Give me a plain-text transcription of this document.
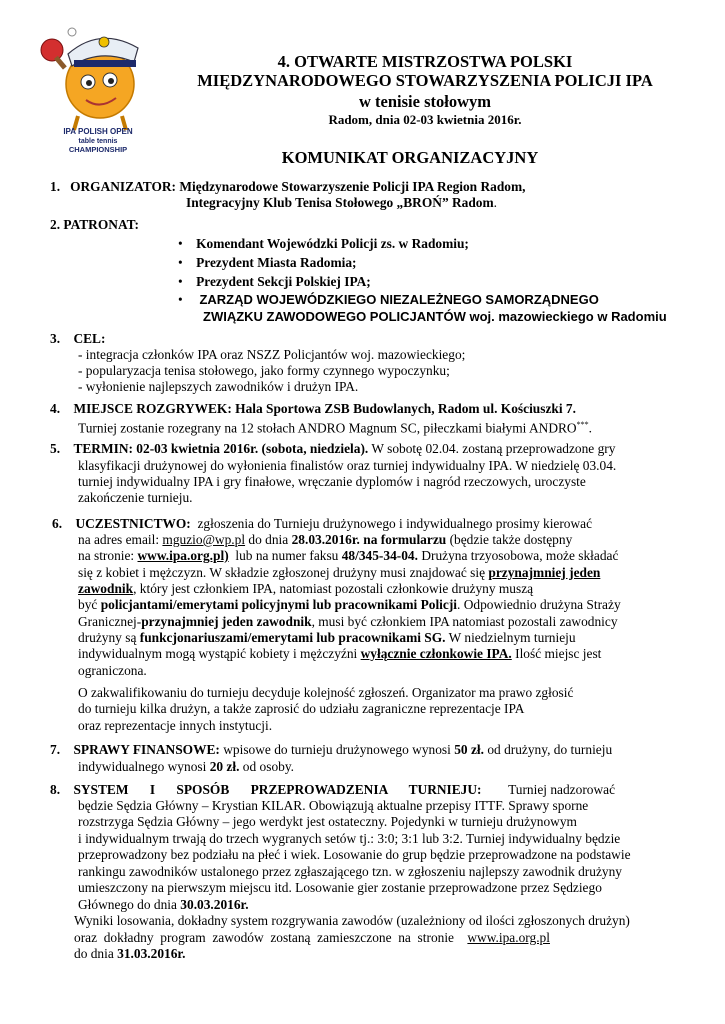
IPA POLISH OPEN
table tennis
CHAMPIONSHIP
4. OTWARTE MISTRZOSTWA POLSKI
MIĘDZYNARODOWEGO STOWARZYSZENIA POLICJI IPA
w tenisie stołowym
Radom, dnia 02-03 kwietnia 2016r.
KOMUNIKAT ORGANIZACYJNY
1. ORGANIZATOR: Międzynarodowe Stowarzyszenie Policji IPA Region Radom,
Integracyjny Klub Tenisa Stołowego „BROŃ” Radom.
2. PATRONAT:
•    Komendant Wojewódzki Policji zs. w Radomiu;
•    Prezydent Miasta Radomia;
•    Prezydent Sekcji Polskiej IPA;
•     ZARZĄD WOJEWÓDZKIEGO NIEZALEŻNEGO SAMORZĄDNEGO
ZWIĄZKU ZAWODOWEGO POLICJANTÓW woj. mazowieckiego w Radomiu
3. CEL:
- integracja członków IPA oraz NSZZ Policjantów woj. mazowieckiego;
- popularyzacja tenisa stołowego, jako formy czynnego wypoczynku;
- wyłonienie najlepszych zawodników i drużyn IPA.
4. MIEJSCE ROZGRYWEK: Hala Sportowa ZSB Budowlanych, Radom ul. Kościuszki 7.
Turniej zostanie rozegrany na 12 stołach ANDRO Magnum SC, piłeczkami białymi ANDRO***.
5. TERMIN: 02-03 kwietnia 2016r. (sobota, niedziela). W sobotę 02.04. zostaną przeprowadzone gry
klasyfikacji drużynowej do wyłonienia finalistów oraz turniej indywidualny IPA. W niedzielę 03.04.
turniej indywidualny IPA i gry finałowe, wręczanie dyplomów i nagród rzeczowych, uroczyste
zakończenie turnieju.
6. UCZESTNICTWO: zgłoszenia do Turnieju drużynowego i indywidualnego prosimy kierować
na adres email: mguzio@wp.pl do dnia 28.03.2016r. na formularzu (będzie także dostępny
na stronie: www.ipa.org.pl) lub na numer faksu 48/345-34-04. Drużyna trzyosobowa, może składać
się z kobiet i mężczyzn. W składzie zgłoszonej drużyny musi znajdować się przynajmniej jeden
zawodnik, który jest członkiem IPA, natomiast pozostali członkowie drużyny muszą
być policjantami/emerytami policyjnymi lub pracownikami Policji. Odpowiednio drużyna Straży
Granicznej-przynajmniej jeden zawodnik, musi być członkiem IPA natomiast pozostali zawodnicy
drużyny są funkcjonariuszami/emerytami lub pracownikami SG. W niedzielnym turnieju
indywidualnym mogą wystąpić kobiety i mężczyźni wyłącznie członkowie IPA. Ilość miejsc jest
ograniczona.
O zakwalifikowaniu do turnieju decyduje kolejność zgłoszeń. Organizator ma prawo zgłosić
do turnieju kilka drużyn, a także zaprosić do udziału zagraniczne reprezentacje IPA
oraz reprezentacje innych instytucji.
7. SPRAWY FINANSOWE: wpisowe do turnieju drużynowego wynosi 50 zł. od drużyny, do turnieju
indywidualnego wynosi 20 zł. od osoby.
8. SYSTEM I SPOSÓB PRZEPROWADZENIA TURNIEJU: Turniej nadzorować
będzie Sędzia Główny – Krystian KILAR. Obowiązują aktualne przepisy ITTF. Sprawy sporne
rozstrzyga Sędzia Główny – jego werdykt jest ostateczny. Pojedynki w turnieju drużynowym
i indywidualnym trwają do trzech wygranych setów tj.: 3:0; 3:1 lub 3:2. Turniej indywidualny będzie
przeprowadzony bez podziału na płeć i wiek. Losowanie do grup będzie przeprowadzone na podstawie
rankingu zawodników ustalonego przez zgłaszającego tzn. w zgłoszeniu najlepszy zawodnik drużyny
umieszczony na pierwszym miejscu itd. Losowanie gier zostanie przeprowadzone przez Sędziego
Głównego do dnia 30.03.2016r.
Wyniki losowania, dokładny system rozgrywania zawodów (uzależniony od ilości zgłoszonych drużyn)
oraz  dokładny  program  zawodów  zostaną  zamieszczone  na  stronie www.ipa.org.pl
do dnia 31.03.2016r.
